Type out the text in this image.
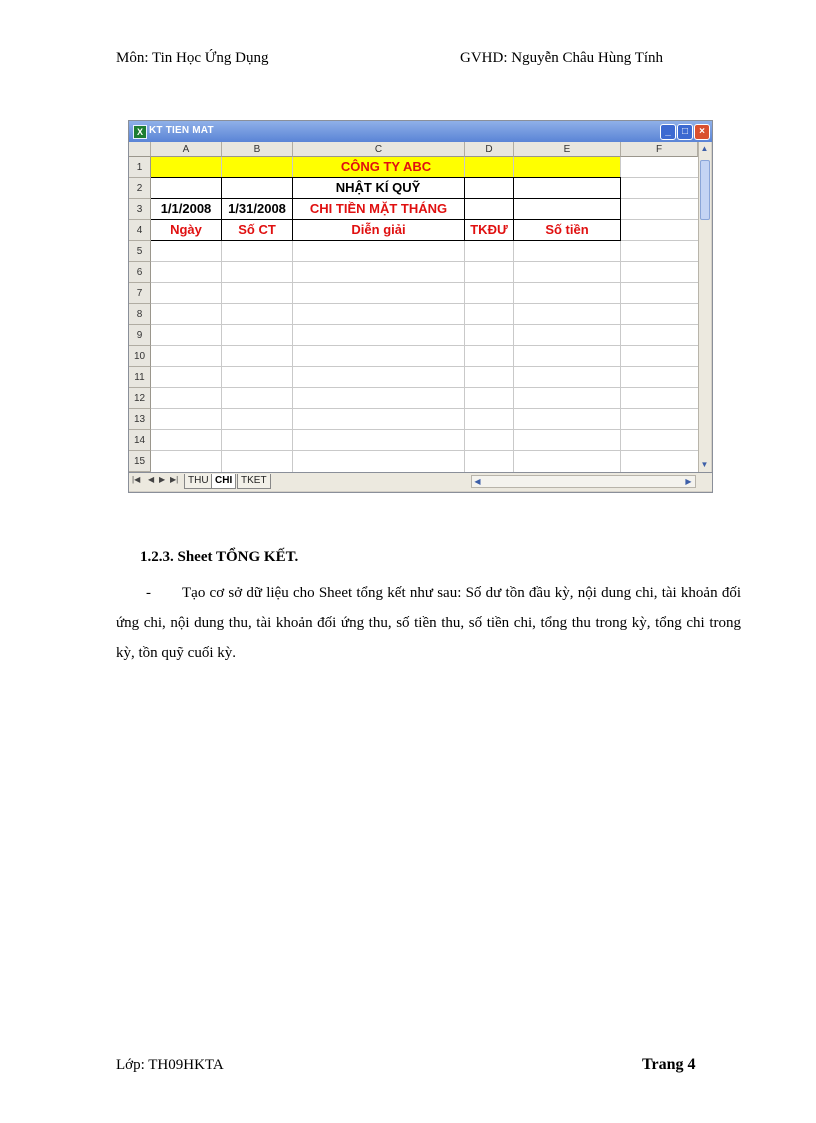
Môn: Tin Học Ứng Dụng	GVHD: Nguyễn Châu Hùng Tính
X KT TIEN MAT	_	□	×
A	B	C	D	E	F
1
2
3
4
5
6
7
8
9
10
11
12
13
14
15
CÔNG TY ABC
NHẬT KÍ QUỸ
1/1/2008	1/31/2008	CHI TIỀN MẶT THÁNG
Ngày	Số CT	Diễn giải	TKĐƯ	Số tiền
▲
▼
|◀ ◀ ▶ ▶| THU CHI TKET	◀	▶
1.2.3. Sheet TỔNG KẾT.
- Tạo cơ sở dữ liệu cho Sheet tổng kết như sau: Số dư tồn đầu kỳ, nội dung chi, tài khoản đối ứng chi, nội dung thu, tài khoản đối ứng thu, số tiền thu, số tiền chi, tổng thu trong kỳ, tổng chi trong kỳ, tồn quỹ cuối kỳ.
Lớp: TH09HKTA	Trang 4
